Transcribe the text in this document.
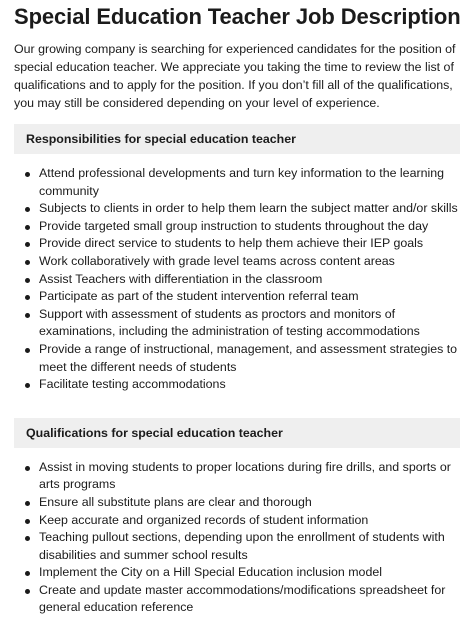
Special Education Teacher Job Description

Our growing company is searching for experienced candidates for the position of special education teacher. We appreciate you taking the time to review the list of qualifications and to apply for the position. If you don’t fill all of the qualifications, you may still be considered depending on your level of experience.

Responsibilities for special education teacher
Attend professional developments and turn key information to the learning community
Subjects to clients in order to help them learn the subject matter and/or skills
Provide targeted small group instruction to students throughout the day
Provide direct service to students to help them achieve their IEP goals
Work collaboratively with grade level teams across content areas
Assist Teachers with differentiation in the classroom
Participate as part of the student intervention referral team
Support with assessment of students as proctors and monitors of examinations, including the administration of testing accommodations
Provide a range of instructional, management, and assessment strategies to meet the different needs of students
Facilitate testing accommodations
Qualifications for special education teacher
Assist in moving students to proper locations during fire drills, and sports or arts programs
Ensure all substitute plans are clear and thorough
Keep accurate and organized records of student information
Teaching pullout sections, depending upon the enrollment of students with disabilities and summer school results
Implement the City on a Hill Special Education inclusion model
Create and update master accommodations/modifications spreadsheet for general education reference
